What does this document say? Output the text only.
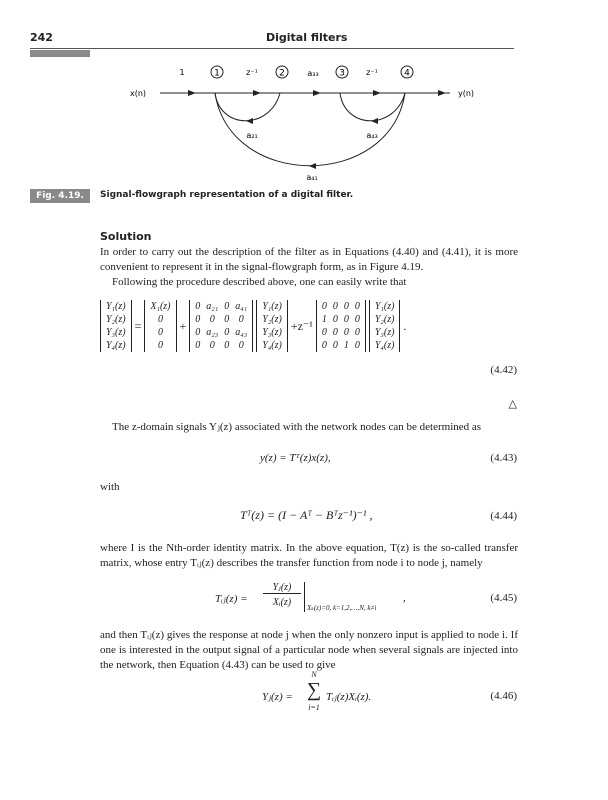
242	Digital filters
1	2	3	4
1	z⁻¹	a₃₃	z⁻¹
x(n)	y(n)
a₂₁	a₄₃
a₄₁
Fig. 4.19.	Signal-flowgraph representation of a digital filter.
Solution

In order to carry out the description of the filter as in Equations (4.40) and (4.41), it is more convenient to represent it in the signal-flowgraph form, as in Figure 4.19.

Following the procedure described above, one can easily write that

Y₁(z)
Y₂(z)
Y₃(z)
Y₄(z)
=
X₁(z)
0
0
0
+
0	a₂₁	0	a₄₁
0	0	0	0
0	a₂₃	0	a₄₃
0	0	0	0
Y₁(z)
Y₂(z)
Y₃(z)
Y₄(z)
+z⁻¹
0	0	0	0
1	0	0	0
0	0	0	0
0	0	1	0
Y₁(z)
Y₂(z)
Y₃(z)
Y₄(z)
.
(4.42)
△
The z-domain signals Yⱼ(z) associated with the network nodes can be determined as
y(z) = Tᵀ(z)x(z),	(4.43)
with
Tᵀ(z) = (I − Aᵀ − Bᵀz⁻¹)⁻¹ ,	(4.44)
where I is the Nth-order identity matrix. In the above equation, T(z) is the so-called transfer matrix, whose entry Tᵢⱼ(z) describes the transfer function from node i to node j, namely
Tᵢⱼ(z) =
Yⱼ(z)
Xᵢ(z)	Xₖ(z)=0, k=1,2,…,N, k≠i
,	(4.45)
and then Tᵢⱼ(z) gives the response at node j when the only nonzero input is applied to node i. If one is interested in the output signal of a particular node when several signals are injected into the network, then Equation (4.43) can be used to give
Yⱼ(z) =
N
∑
i=1
Tᵢⱼ(z)Xᵢ(z).	(4.46)
